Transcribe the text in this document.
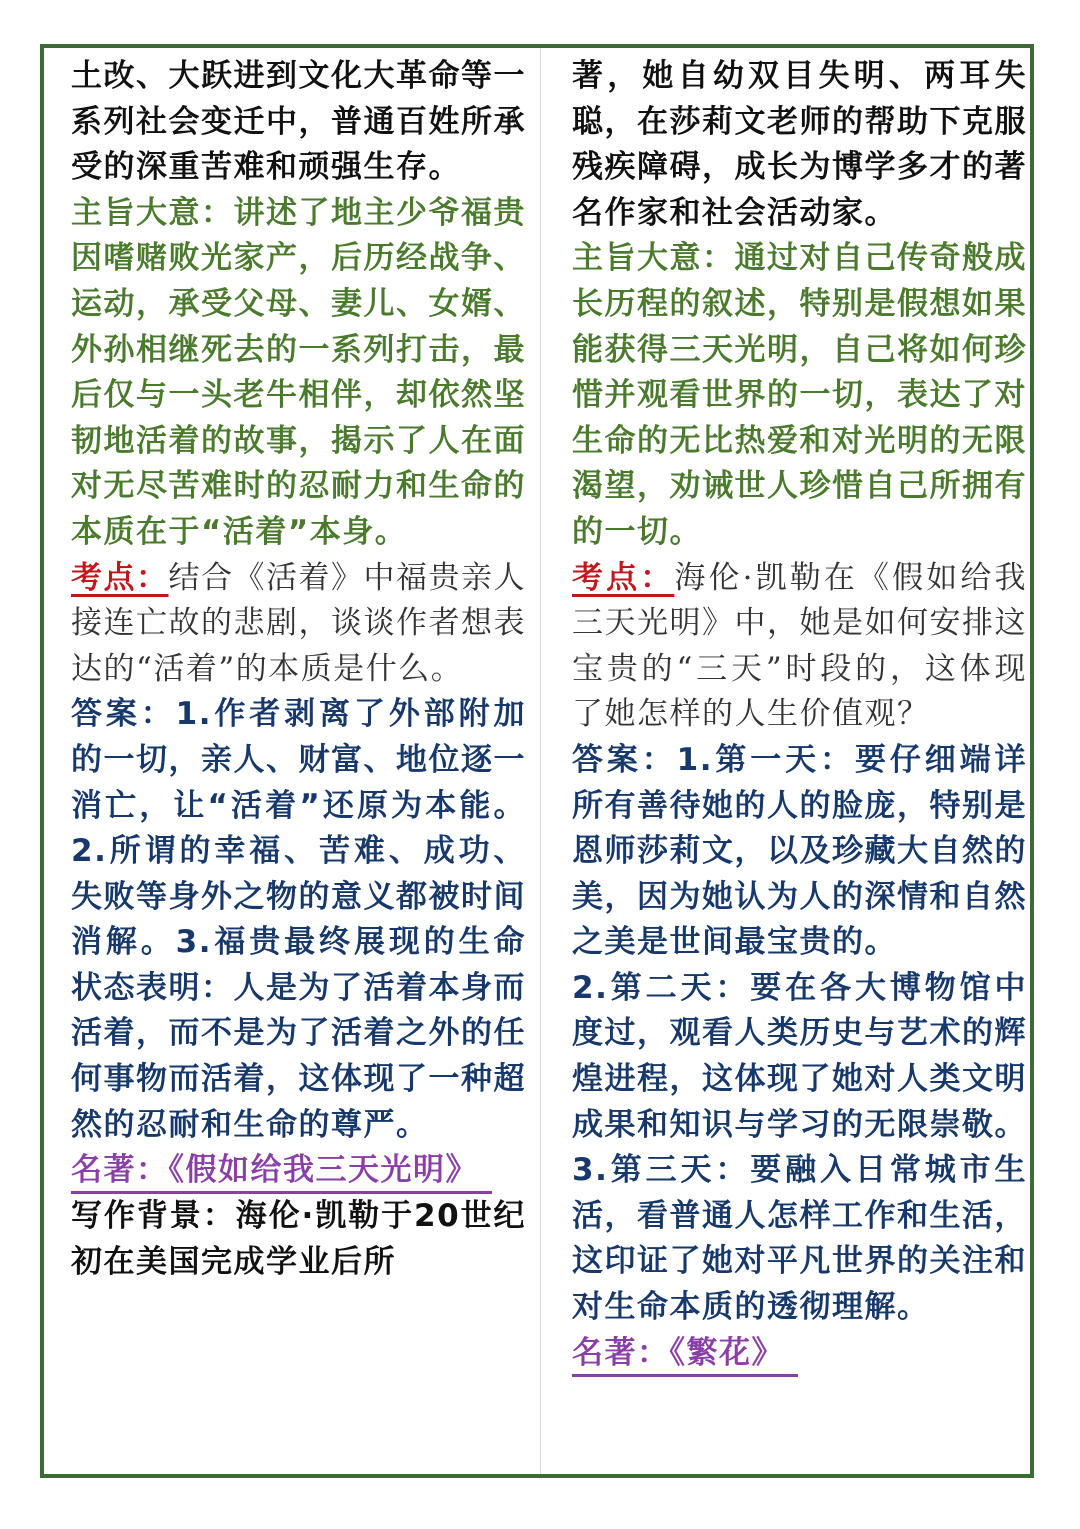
土改、大跃进到文化大革命等一系列社会变迁中，普通百姓所承受的深重苦难和顽强生存。

主旨大意：讲述了地主少爷福贵因嗜赌败光家产，后历经战争、运动，承受父母、妻儿、女婿、外孙相继死去的一系列打击，最后仅与一头老牛相伴，却依然坚韧地活着的故事，揭示了人在面对无尽苦难时的忍耐力和生命的本质在于“活着”本身。

考点：结合《活着》中福贵亲人接连亡故的悲剧，谈谈作者想表达的“活着”的本质是什么。

答案：1.作者剥离了外部附加的一切，亲人、财富、地位逐一消亡，让“活着”还原为本能。2.所谓的幸福、苦难、成功、失败等身外之物的意义都被时间消解。3.福贵最终展现的生命状态表明：人是为了活着本身而活着，而不是为了活着之外的任何事物而活着，这体现了一种超然的忍耐和生命的尊严。

名著：《假如给我三天光明》

写作背景：海伦·凯勒于20世纪初在美国完成学业后所

著，她自幼双目失明、两耳失聪，在莎莉文老师的帮助下克服残疾障碍，成长为博学多才的著名作家和社会活动家。

主旨大意：通过对自己传奇般成长历程的叙述，特别是假想如果能获得三天光明，自己将如何珍惜并观看世界的一切，表达了对生命的无比热爱和对光明的无限渴望，劝诫世人珍惜自己所拥有的一切。

考点：海伦·凯勒在《假如给我三天光明》中，她是如何安排这宝贵的“三天”时段的，这体现了她怎样的人生价值观？

答案：1.第一天：要仔细端详所有善待她的人的脸庞，特别是恩师莎莉文，以及珍藏大自然的美，因为她认为人的深情和自然之美是世间最宝贵的。

2.第二天：要在各大博物馆中度过，观看人类历史与艺术的辉煌进程，这体现了她对人类文明成果和知识与学习的无限崇敬。3.第三天：要融入日常城市生活，看普通人怎样工作和生活，这印证了她对平凡世界的关注和对生命本质的透彻理解。

名著：《繁花》
